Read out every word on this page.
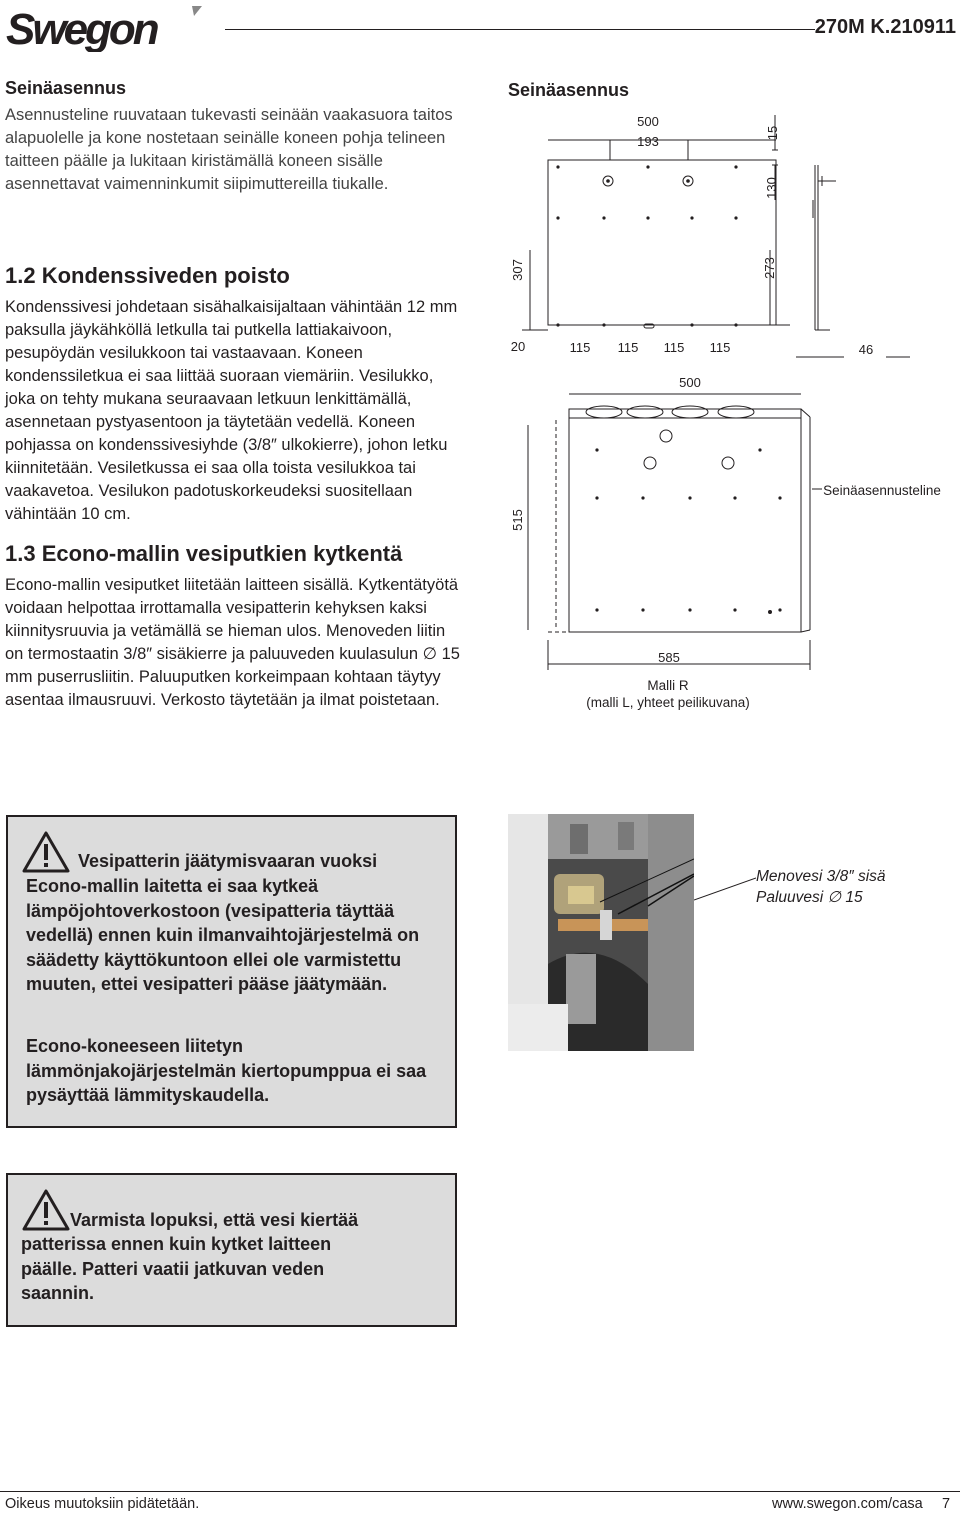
Swegon	270M K.210911
Seinäasennus
Asennusteline ruuvataan tukevasti seinään vaakasuora taitos alapuolelle ja kone nostetaan seinälle koneen pohja telineen taitteen päälle ja lukitaan kiristämällä koneen sisälle asennettavat vaimenninkumit siipimuttereilla tiukalle.
1.2 Kondenssiveden poisto
Kondenssivesi johdetaan sisähalkaisijaltaan vähintään 12 mm paksulla jäykähköllä letkulla tai putkella lattiakaivoon, pesupöydän vesilukkoon tai vastaavaan. Koneen kondenssiletkua ei saa liittää suoraan viemäriin. Vesilukko, joka on tehty mukana seuraavaan letkuun lenkittämällä, asennetaan pystyasentoon ja täytetään vedellä. Koneen pohjassa on kondenssivesiyhde (3/8″ ulkokierre), johon letku kiinnitetään. Vesiletkussa ei saa olla toista vesilukkoa tai vaakavetoa. Vesilukon padotuskorkeudeksi suositellaan vähintään 10 cm.
1.3 Econo-mallin vesiputkien kytkentä
Econo-mallin vesiputket liitetään laitteen sisällä. Kytkentätyötä voidaan helpottaa irrottamalla vesipatterin kehyksen kaksi kiinnitysruuvia ja vetämällä se hieman ulos. Menoveden liitin on termostaatin 3/8″ sisäkierre ja paluuveden kuulasulun ∅ 15 mm puserrusliitin. Paluuputken korkeimpaan kohtaan täytyy asentaa ilmausruuvi. Verkosto täytetään ja ilmat poistetaan.
Seinäasennus
500
193
15
130
307	273
20	115 115 115 115	46
500
515
Seinäasennusteline
585
Malli R
(malli L, yhteet peilikuvana)
Vesipatterin jäätymisvaaran vuoksi
Econo-mallin laitetta ei saa kytkeä lämpöjohtoverkostoon (vesipatteria täyttää vedellä) ennen kuin ilmanvaihtojärjestelmä on säädetty käyttökuntoon ellei ole varmistettu muuten, ettei vesipatteri pääse jäätymään.
Econo-koneeseen liitetyn lämmönjakojärjestelmän kiertopumppua ei saa pysäyttää lämmityskaudella.
Menovesi 3/8″ sisä
Paluuvesi ∅ 15
Varmista lopuksi, että vesi kiertää
patterissa ennen kuin kytket laitteen päälle. Patteri vaatii jatkuvan veden saannin.
Oikeus muutoksiin pidätetään.	www.swegon.com/casa 7
